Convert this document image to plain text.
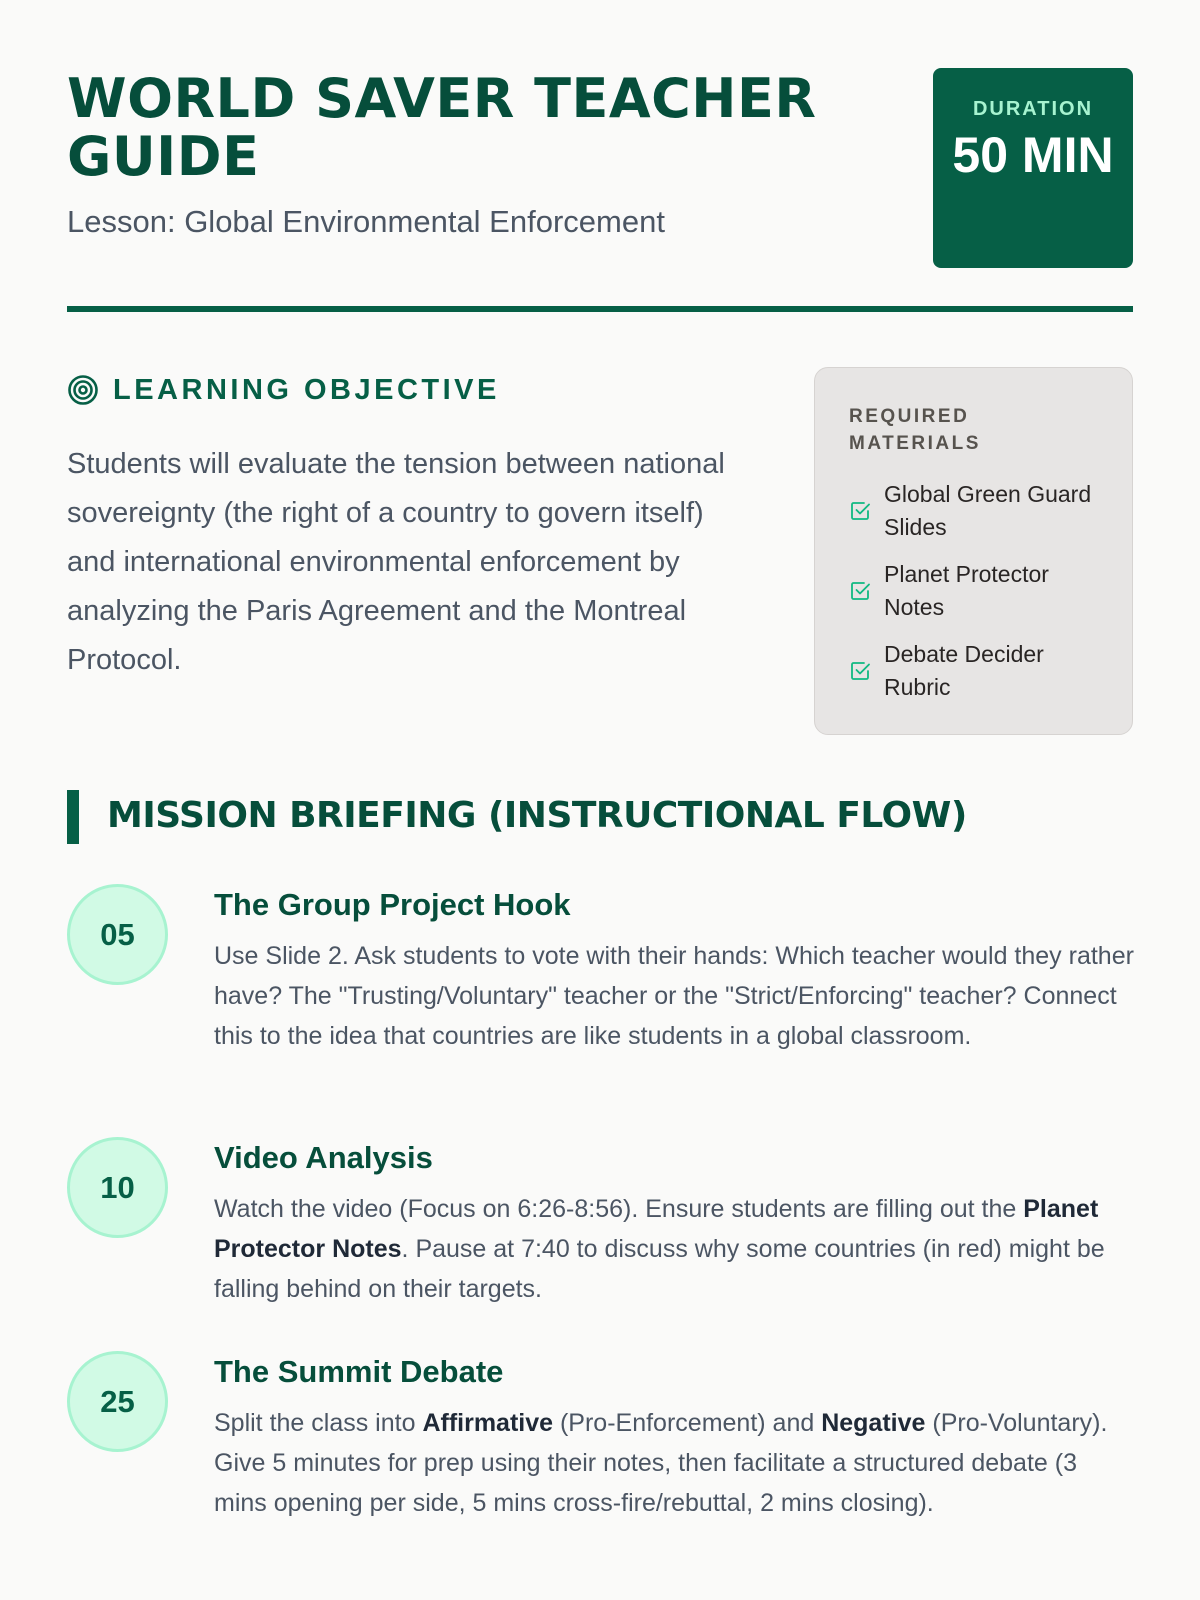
WORLD SAVER TEACHER GUIDE

Lesson: Global Environmental Enforcement

DURATION
50 MIN
LEARNING OBJECTIVE

Students will evaluate the tension between national sovereignty (the right of a country to govern itself) and international environmental enforcement by analyzing the Paris Agreement and the Montreal Protocol.

REQUIRED MATERIALS
Global Green Guard Slides
Planet Protector Notes
Debate Decider Rubric
MISSION BRIEFING (INSTRUCTIONAL FLOW)
05
The Group Project Hook

Use Slide 2. Ask students to vote with their hands: Which teacher would they rather have? The "Trusting/Voluntary" teacher or the "Strict/Enforcing" teacher? Connect this to the idea that countries are like students in a global classroom.

10
Video Analysis

Watch the video (Focus on 6:26-8:56). Ensure students are filling out the Planet Protector Notes. Pause at 7:40 to discuss why some countries (in red) might be falling behind on their targets.

25
The Summit Debate

Split the class into Affirmative (Pro-Enforcement) and Negative (Pro-Voluntary). Give 5 minutes for prep using their notes, then facilitate a structured debate (3 mins opening per side, 5 mins cross-fire/rebuttal, 2 mins closing).
